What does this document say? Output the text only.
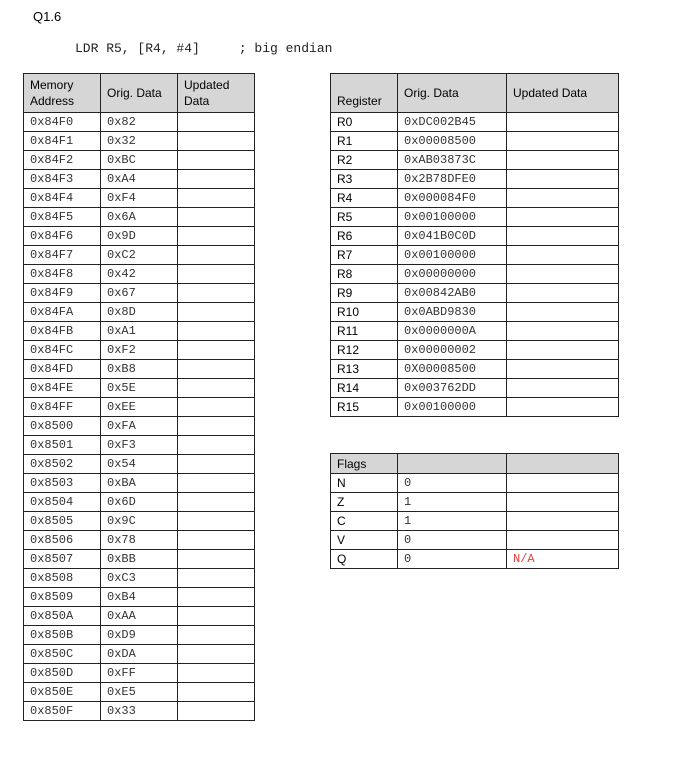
Q1.6
LDR R5, [R4, #4]     ; big endian
Memory Address	Orig. Data	Updated Data
0x84F0	0x82	
0x84F1	0x32	
0x84F2	0xBC	
0x84F3	0xA4	
0x84F4	0xF4	
0x84F5	0x6A	
0x84F6	0x9D	
0x84F7	0xC2	
0x84F8	0x42	
0x84F9	0x67	
0x84FA	0x8D	
0x84FB	0xA1	
0x84FC	0xF2	
0x84FD	0xB8	
0x84FE	0x5E	
0x84FF	0xEE	
0x8500	0xFA	
0x8501	0xF3	
0x8502	0x54	
0x8503	0xBA	
0x8504	0x6D	
0x8505	0x9C	
0x8506	0x78	
0x8507	0xBB	
0x8508	0xC3	
0x8509	0xB4	
0x850A	0xAA	
0x850B	0xD9	
0x850C	0xDA	
0x850D	0xFF	
0x850E	0xE5	
0x850F	0x33	
Register	Orig. Data	Updated Data
R0	0xDC002B45	
R1	0x00008500	
R2	0xAB03873C	
R3	0x2B78DFE0	
R4	0x000084F0	
R5	0x00100000	
R6	0x041B0C0D	
R7	0x00100000	
R8	0x00000000	
R9	0x00842AB0	
R10	0x0ABD9830	
R11	0x0000000A	
R12	0x00000002	
R13	0X00008500	
R14	0x003762DD	
R15	0x00100000	
Flags		
N	0	
Z	1	
C	1	
V	0	
Q	0	N/A
